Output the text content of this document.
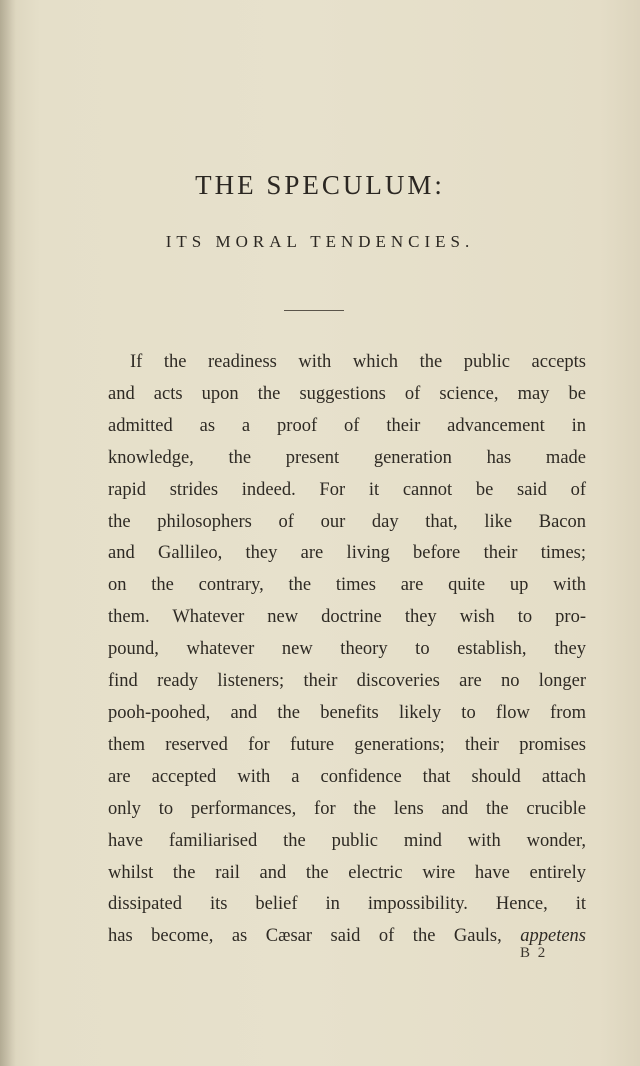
THE SPECULUM:
ITS MORAL TENDENCIES.
If the readiness with which the public accepts
and acts upon the suggestions of science, may be
admitted as a proof of their advancement in
knowledge, the present generation has made
rapid strides indeed. For it cannot be said of
the philosophers of our day that, like Bacon
and Gallileo, they are living before their times;
on the contrary, the times are quite up with
them. Whatever new doctrine they wish to pro-
pound, whatever new theory to establish, they
find ready listeners; their discoveries are no longer
pooh-poohed, and the benefits likely to flow from
them reserved for future generations; their promises
are accepted with a confidence that should attach
only to performances, for the lens and the crucible
have familiarised the public mind with wonder,
whilst the rail and the electric wire have entirely
dissipated its belief in impossibility. Hence, it
has become, as Cæsar said of the Gauls, appetens
B 2
